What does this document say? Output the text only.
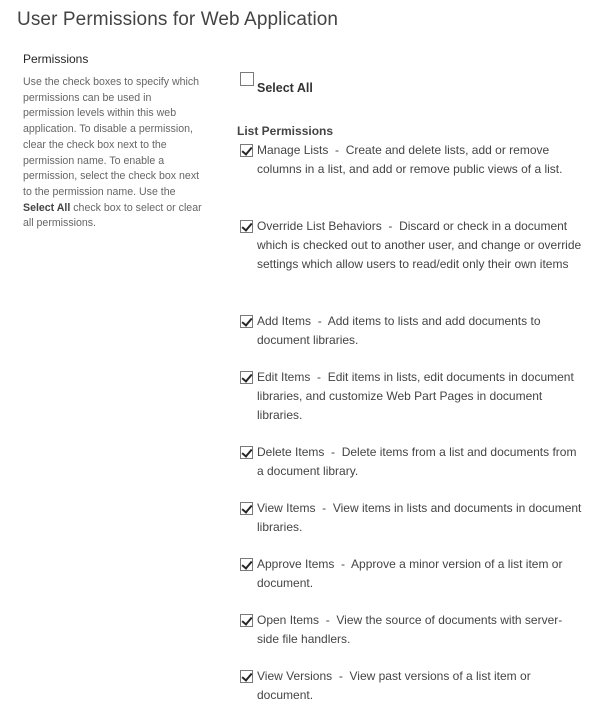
User Permissions for Web Application
Permissions

Use the check boxes to specify which permissions can be used in permission levels within this web application. To disable a permission, clear the check box next to the permission name. To enable a permission, select the check box next to the permission name. Use the Select All check box to select or clear all permissions.

Select All
List Permissions
Manage Lists  -  Create and delete lists, add or remove columns in a list, and add or remove public views of a list.
Override List Behaviors  -  Discard or check in a document which is checked out to another user, and change or override settings which allow users to read/edit only their own items
Add Items  -  Add items to lists and add documents to document libraries.
Edit Items  -  Edit items in lists, edit documents in document libraries, and customize Web Part Pages in document libraries.
Delete Items  -  Delete items from a list and documents from a document library.
View Items  -  View items in lists and documents in document libraries.
Approve Items  -  Approve a minor version of a list item or document.
Open Items  -  View the source of documents with server-side file handlers.
View Versions  -  View past versions of a list item or document.
